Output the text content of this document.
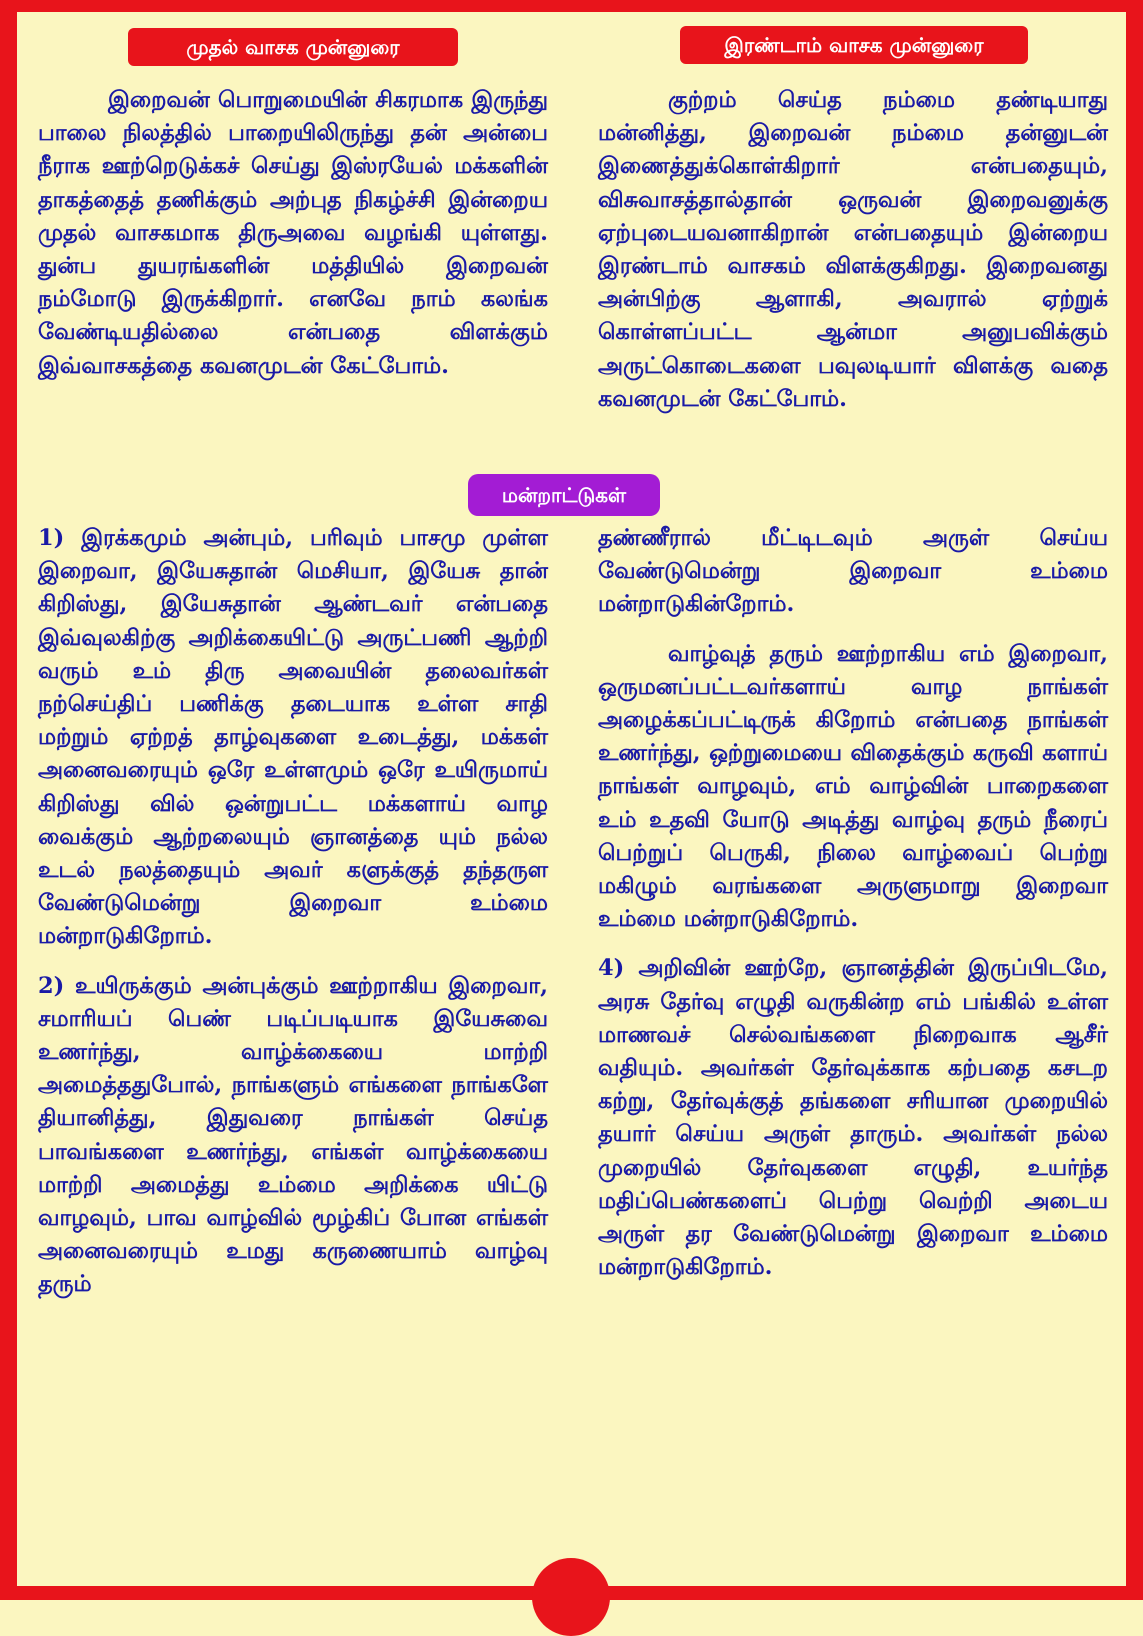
முதல் வாசக முன்னுரை	இரண்டாம் வாசக முன்னுரை

இறைவன் பொறுமையின் சிகரமாக இருந்து பாலை நிலத்தில் பாறையிலிருந்து தன் அன்பை நீராக ஊற்றெடுக்கச் செய்து இஸ்ரயேல் மக்களின் தாகத்தைத் தணிக்கும் அற்புத நிகழ்ச்சி இன்றைய முதல் வாசகமாக திருஅவை வழங்கி யுள்ளது. துன்ப துயரங்களின் மத்தியில் இறைவன் நம்மோடு இருக்கிறார். எனவே நாம் கலங்க வேண்டியதில்லை என்பதை விளக்கும் இவ்வாசகத்தை கவனமுடன் கேட்போம்.

குற்றம் செய்த நம்மை தண்டியாது மன்னித்து, இறைவன் நம்மை தன்னுடன் இணைத்துக்கொள்கிறார் என்பதையும், விசுவாசத்தால்தான் ஒருவன் இறைவனுக்கு ஏற்புடையவனாகிறான் என்பதையும் இன்றைய இரண்டாம் வாசகம் விளக்குகிறது. இறைவனது அன்பிற்கு ஆளாகி, அவரால் ஏற்றுக் கொள்ளப்பட்ட ஆன்மா அனுபவிக்கும் அருட்கொடைகளை பவுலடியார் விளக்கு வதை கவனமுடன் கேட்போம்.

மன்றாட்டுகள்

1) இரக்கமும் அன்பும், பரிவும் பாசமு முள்ள இறைவா, இயேசுதான் மெசியா, இயேசு தான் கிறிஸ்து, இயேசுதான் ஆண்டவர் என்பதை இவ்வுலகிற்கு அறிக்கையிட்டு அருட்பணி ஆற்றி வரும் உம் திரு அவையின் தலைவர்கள் நற்செய்திப் பணிக்கு தடையாக உள்ள சாதி மற்றும் ஏற்றத் தாழ்வுகளை உடைத்து, மக்கள் அனைவரையும் ஒரே உள்ளமும் ஒரே உயிருமாய் கிறிஸ்து வில் ஒன்றுபட்ட மக்களாய் வாழ வைக்கும் ஆற்றலையும் ஞானத்தை யும் நல்ல உடல் நலத்தையும் அவர் களுக்குத் தந்தருள வேண்டுமென்று இறைவா உம்மை மன்றாடுகிறோம்.

2) உயிருக்கும் அன்புக்கும் ஊற்றாகிய இறைவா, சமாரியப் பெண் படிப்படியாக இயேசுவை உணர்ந்து, வாழ்க்கையை மாற்றி அமைத்ததுபோல், நாங்களும் எங்களை நாங்களே தியானித்து, இதுவரை நாங்கள் செய்த பாவங்களை உணர்ந்து, எங்கள் வாழ்க்கையை மாற்றி அமைத்து உம்மை அறிக்கை யிட்டு வாழவும், பாவ வாழ்வில் மூழ்கிப் போன எங்கள் அனைவரையும் உமது கருணையாம் வாழ்வு தரும்

தண்ணீரால் மீட்டிடவும் அருள் செய்ய வேண்டுமென்று இறைவா உம்மை மன்றாடுகின்றோம்.

வாழ்வுத் தரும் ஊற்றாகிய எம் இறைவா, ஒருமனப்பட்டவர்களாய் வாழ நாங்கள் அழைக்கப்பட்டிருக் கிறோம் என்பதை நாங்கள் உணர்ந்து, ஒற்றுமையை விதைக்கும் கருவி களாய் நாங்கள் வாழவும், எம் வாழ்வின் பாறைகளை உம் உதவி யோடு அடித்து வாழ்வு தரும் நீரைப் பெற்றுப் பெருகி, நிலை வாழ்வைப் பெற்று மகிழும் வரங்களை அருளுமாறு இறைவா உம்மை மன்றாடுகிறோம்.

4) அறிவின் ஊற்றே, ஞானத்தின் இருப்பிடமே, அரசு தேர்வு எழுதி வருகின்ற எம் பங்கில் உள்ள மாணவச் செல்வங்களை நிறைவாக ஆசீர் வதியும். அவர்கள் தேர்வுக்காக கற்பதை கசடற கற்று, தேர்வுக்குத் தங்களை சரியான முறையில் தயார் செய்ய அருள் தாரும். அவர்கள் நல்ல முறையில் தேர்வுகளை எழுதி, உயர்ந்த மதிப்பெண்களைப் பெற்று வெற்றி அடைய அருள் தர வேண்டுமென்று இறைவா உம்மை மன்றாடுகிறோம்.
